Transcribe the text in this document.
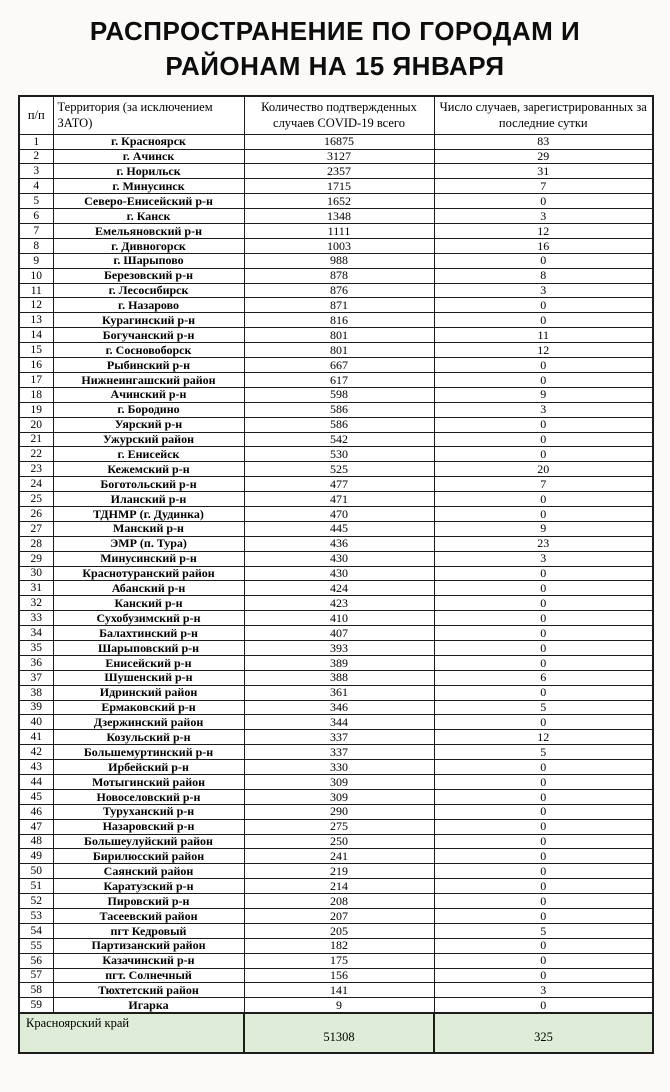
РАСПРОСТРАНЕНИЕ ПО ГОРОДАМ И
РАЙОНАМ НА 15 ЯНВАРЯ
п/п	Территория (за исключением ЗАТО)	Количество подтвержденных случаев COVID-19 всего	Число случаев, зарегистрированных за последние сутки
1	г. Красноярск	16875	83
2	г. Ачинск	3127	29
3	г. Норильск	2357	31
4	г. Минусинск	1715	7
5	Северо-Енисейский р-н	1652	0
6	г. Канск	1348	3
7	Емельяновский р-н	1111	12
8	г. Дивногорск	1003	16
9	г. Шарыпово	988	0
10	Березовский р-н	878	8
11	г. Лесосибирск	876	3
12	г. Назарово	871	0
13	Курагинский р-н	816	0
14	Богучанский р-н	801	11
15	г. Сосновоборск	801	12
16	Рыбинский р-н	667	0
17	Нижнеингашский район	617	0
18	Ачинский р-н	598	9
19	г. Бородино	586	3
20	Уярский р-н	586	0
21	Ужурский район	542	0
22	г. Енисейск	530	0
23	Кежемский р-н	525	20
24	Боготольский р-н	477	7
25	Иланский р-н	471	0
26	ТДНМР (г. Дудинка)	470	0
27	Манский р-н	445	9
28	ЭМР (п. Тура)	436	23
29	Минусинский р-н	430	3
30	Краснотуранский район	430	0
31	Абанский р-н	424	0
32	Канский р-н	423	0
33	Сухобузимский р-н	410	0
34	Балахтинский р-н	407	0
35	Шарыповский р-н	393	0
36	Енисейский р-н	389	0
37	Шушенский р-н	388	6
38	Идринский район	361	0
39	Ермаковский р-н	346	5
40	Дзержинский район	344	0
41	Козульский р-н	337	12
42	Большемуртинский р-н	337	5
43	Ирбейский р-н	330	0
44	Мотыгинский район	309	0
45	Новоселовский р-н	309	0
46	Туруханский р-н	290	0
47	Назаровский р-н	275	0
48	Большеулуйский район	250	0
49	Бирилюсский район	241	0
50	Саянский район	219	0
51	Каратузский р-н	214	0
52	Пировский р-н	208	0
53	Тасеевский район	207	0
54	пгт Кедровый	205	5
55	Партизанский район	182	0
56	Казачинский р-н	175	0
57	пгт. Солнечный	156	0
58	Тюхтетский район	141	3
59	Игарка	9	0
Красноярский край		51308	325
